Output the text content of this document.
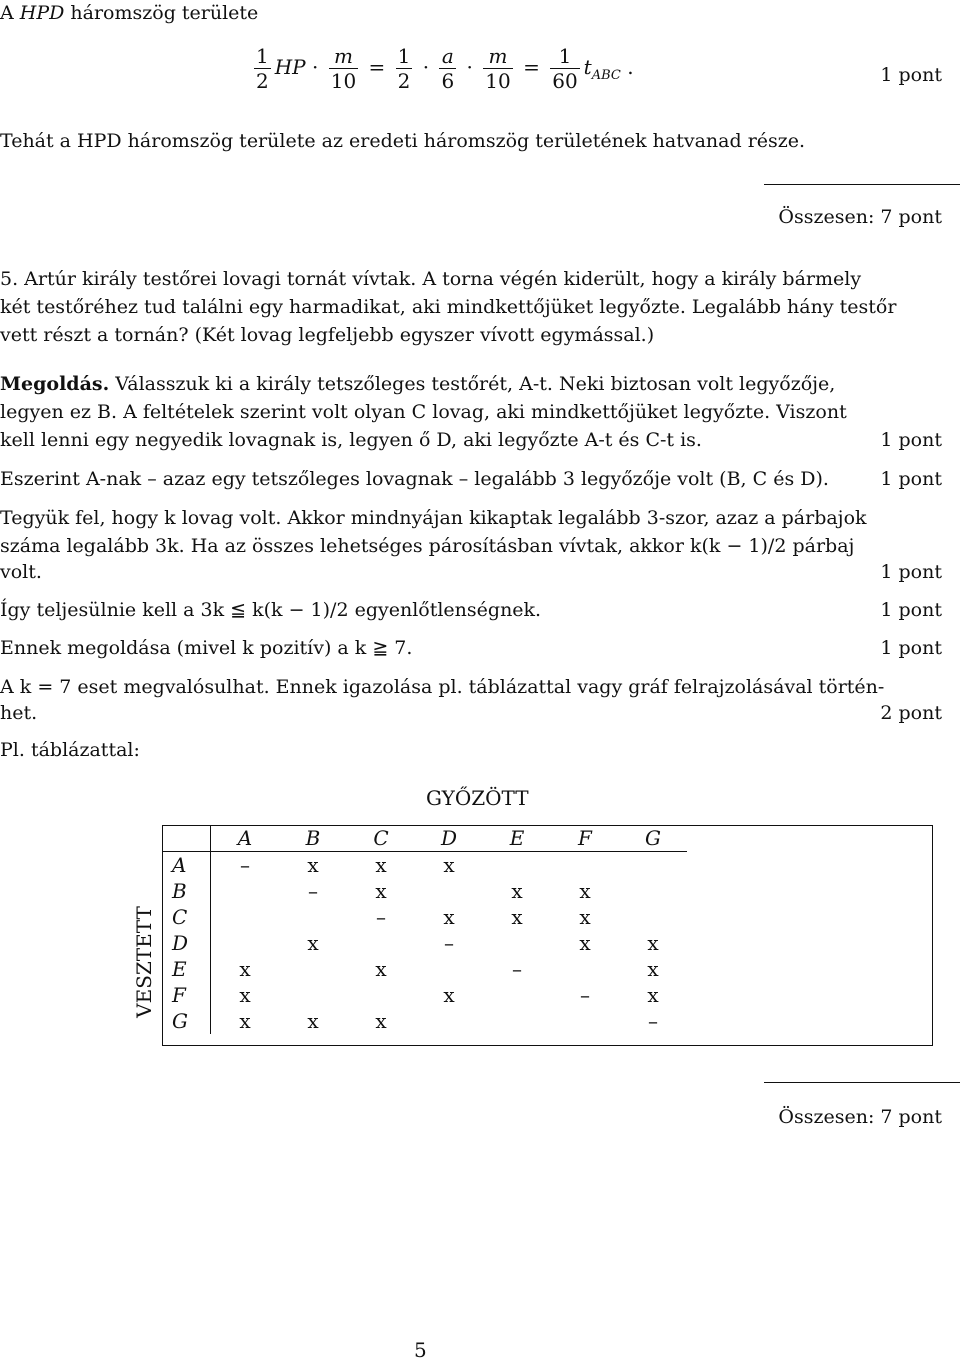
A HPD háromszög területe
$\frac{1}{2}$ HP · $\frac{m}{10} = \frac{1}{2} \cdot \frac{a}{6} \cdot \frac{m}{10} = \frac{1}{60} t_{ABC}$ .	1 pont
Tehát a HPD háromszög területe az eredeti háromszög területének hatvanad része.
Összesen: 7 pont
5. Artúr király testőrei lovagi tornát vívtak. A torna végén kiderült, hogy a király bármely
két testőréhez tud találni egy harmadikat, aki mindkettőjüket legyőzte. Legalább hány testőr
vett részt a tornán? (Két lovag legfeljebb egyszer vívott egymással.)
Megoldás. Válasszuk ki a király tetszőleges testőrét, A-t. Neki biztosan volt legyőzője,
legyen ez B. A feltételek szerint volt olyan C lovag, aki mindkettőjüket legyőzte. Viszont
kell lenni egy negyedik lovagnak is, legyen ő D, aki legyőzte A-t és C-t is.	1 pont
Eszerint A-nak – azaz egy tetszőleges lovagnak – legalább 3 legyőzője volt (B, C és D).	1 pont
Tegyük fel, hogy k lovag volt. Akkor mindnyájan kikaptak legalább 3-szor, azaz a párbajok
száma legalább 3k. Ha az összes lehetséges párosításban vívtak, akkor k(k − 1)/2 párbaj
volt.	1 pont
Így teljesülnie kell a 3k ≦ k(k − 1)/2 egyenlőtlenségnek.	1 pont
Ennek megoldása (mivel k pozitív) a k ≧ 7.	1 pont
A k = 7 eset megvalósulhat. Ennek igazolása pl. táblázattal vagy gráf felrajzolásával történ-
het.	2 pont
Pl. táblázattal:
GYŐZÖTT
VESZTETT
	A	B	C	D	E	F	G
A	–	x	x	x			
B		–	x		x	x	
C			–	x	x	x	
D		x		–		x	x
E	x		x		–		x
F	x			x		–	x
G	x	x	x				–
Összesen: 7 pont
5
